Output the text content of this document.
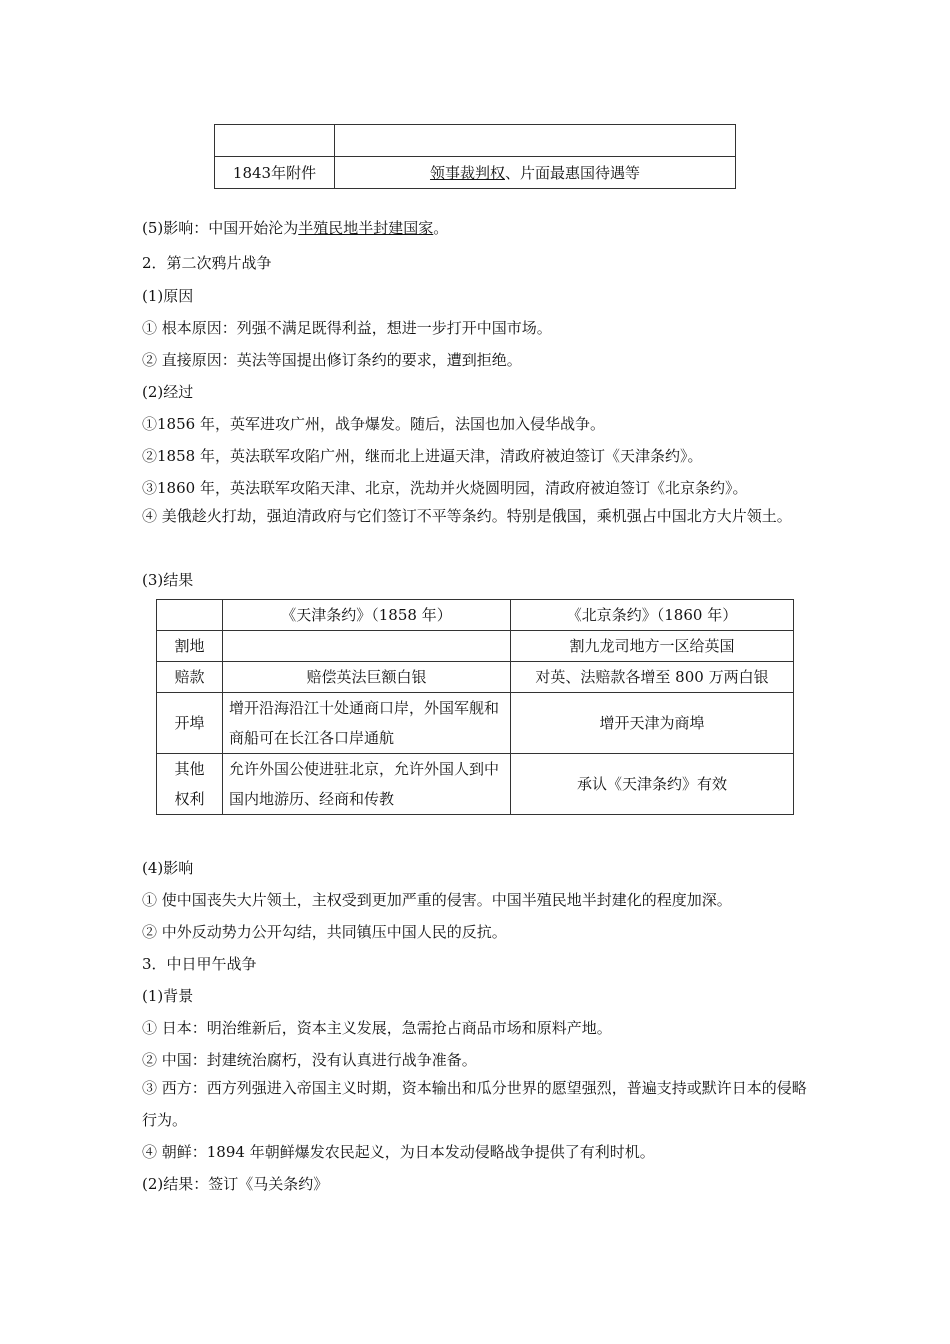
1843年附件	领事裁判权、片面最惠国待遇等
(5)影响：中国开始沦为半殖民地半封建国家。
2．第二次鸦片战争
(1)原因
① 根本原因：列强不满足既得利益，想进一步打开中国市场。
② 直接原因：英法等国提出修订条约的要求，遭到拒绝。
(2)经过
①1856 年，英军进攻广州，战争爆发。随后，法国也加入侵华战争。
②1858 年，英法联军攻陷广州，继而北上进逼天津，清政府被迫签订《天津条约》。
③1860 年，英法联军攻陷天津、北京，洗劫并火烧圆明园，清政府被迫签订《北京条约》。
④ 美俄趁火打劫，强迫清政府与它们签订不平等条约。特别是俄国，乘机强占中国北方大片领土。
(3)结果
	《天津条约》（1858 年）	《北京条约》（1860 年）
割地		割九龙司地方一区给英国
赔款	赔偿英法巨额白银	对英、法赔款各增至 800 万两白银
开埠	增开沿海沿江十处通商口岸，外国军舰和商船可在长江各口岸通航	增开天津为商埠

其他
权利	允许外国公使进驻北京，允许外国人到中国内地游历、经商和传教	承认《天津条约》有效
(4)影响
① 使中国丧失大片领土，主权受到更加严重的侵害。中国半殖民地半封建化的程度加深。
② 中外反动势力公开勾结，共同镇压中国人民的反抗。
3．中日甲午战争
(1)背景
① 日本：明治维新后，资本主义发展，急需抢占商品市场和原料产地。
② 中国：封建统治腐朽，没有认真进行战争准备。
③ 西方：西方列强进入帝国主义时期，资本输出和瓜分世界的愿望强烈，普遍支持或默许日本的侵略行为。
④ 朝鲜：1894 年朝鲜爆发农民起义，为日本发动侵略战争提供了有利时机。
(2)结果：签订《马关条约》
